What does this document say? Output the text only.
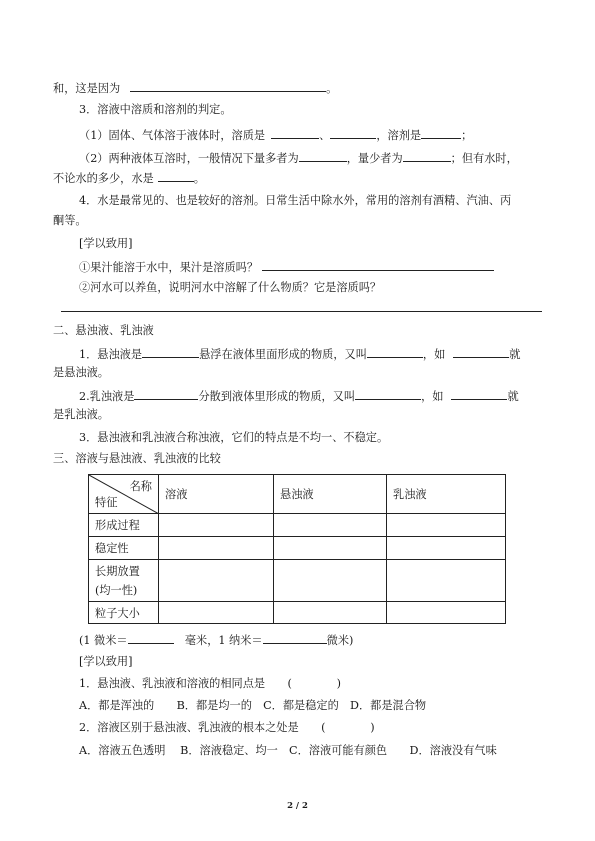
和，这是因为	。
3．溶液中溶质和溶剂的判定。
（1）固体、气体溶于液体时，溶质是	、	，溶剂是	；
（2）两种液体互溶时，一般情况下量多者为	，量少者为	；但有水时，
不论水的多少，水是	。
4．水是最常见的、也是较好的溶剂。日常生活中除水外，常用的溶剂有酒精、汽油、丙
酮等。
[学以致用]
①果汁能溶于水中，果汁是溶质吗？
②河水可以养鱼，说明河水中溶解了什么物质？它是溶质吗？
二、悬浊液、乳浊液
1．悬浊液是	悬浮在液体里面形成的物质，又叫	，如	就
是悬浊液。
2.乳浊液是	分散到液体里形成的物质，又叫	，如	就
是乳浊液。
3．悬浊液和乳浊液合称浊液，它们的特点是不均一、不稳定。
三、溶液与悬浊液、乳浊液的比较
名称
特征	溶液	悬浊液	乳浊液
形成过程			
稳定性			
长期放置
(均一性)			
粒子大小			
(1 微米＝　	毫米，1 纳米＝	微米)
[学以致用]
1．悬浊液、乳浊液和溶液的相同点是　　 (　　　　)
A．都是浑浊的　　B．都是均一的　C．都是稳定的　D．都是混合物
2．溶液区别于悬浊液、乳浊液的根本之处是　　 (　　　　)
A．溶液五色透明　 B．溶液稳定、均一　C．溶液可能有颜色　　D．溶液没有气味
2 / 2
